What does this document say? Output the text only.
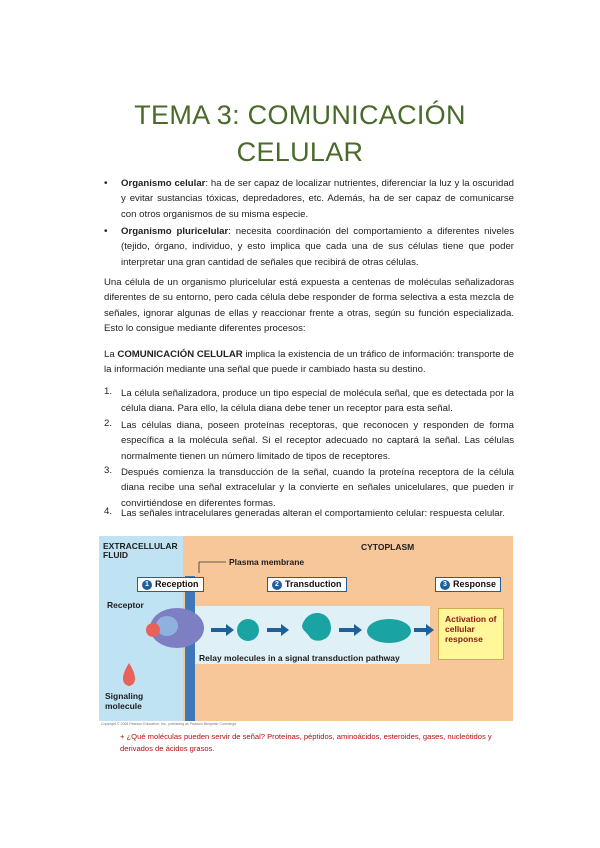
TEMA 3: COMUNICACIÓN
CELULAR
• Organismo celular: ha de ser capaz de localizar nutrientes, diferenciar la luz y la oscuridad y evitar sustancias tóxicas, depredadores, etc. Además, ha de ser capaz de comunicarse con otros organismos de su misma especie.
• Organismo pluricelular: necesita coordinación del comportamiento a diferentes niveles (tejido, órgano, individuo, y esto implica que cada una de sus células tiene que poder interpretar una gran cantidad de señales que recibirá de otras células.
Una célula de un organismo pluricelular está expuesta a centenas de moléculas señalizadoras diferentes de su entorno, pero cada célula debe responder de forma selectiva a esta mezcla de señales, ignorar algunas de ellas y reaccionar frente a otras, según su función especializada. Esto lo consigue mediante diferentes procesos:
La COMUNICACIÓN CELULAR implica la existencia de un tráfico de información: transporte de la información mediante una señal que puede ir cambiado hasta su destino.
1. La célula señalizadora, produce un tipo especial de molécula señal, que es detectada por la célula diana. Para ello, la célula diana debe tener un receptor para esta señal.
2. Las células diana, poseen proteínas receptoras, que reconocen y responden de forma específica a la molécula señal. Si el receptor adecuado no captará la señal. Las células normalmente tienen un número limitado de tipos de receptores.
3. Después comienza la transducción de la señal, cuando la proteína receptora de la célula diana recibe una señal extracelular y la convierte en señales unicelulares, que pueden ir convirtiéndose en diferentes formas.
4. Las señales intracelulares generadas alteran el comportamiento celular: respuesta celular.
EXTRACELLULAR FLUID
CYTOPLASM
Plasma membrane
1 Reception	2 Transduction	3 Response
Receptor
Relay molecules in a signal transduction pathway
Activation of cellular response
Signaling molecule
Copyright © 2008 Pearson Education, Inc., publishing as Pearson Benjamin Cummings.
+ ¿Qué moléculas pueden servir de señal? Proteínas, péptidos, aminoácidos, esteroides, gases, nucleótidos y derivados de ácidos grasos.
